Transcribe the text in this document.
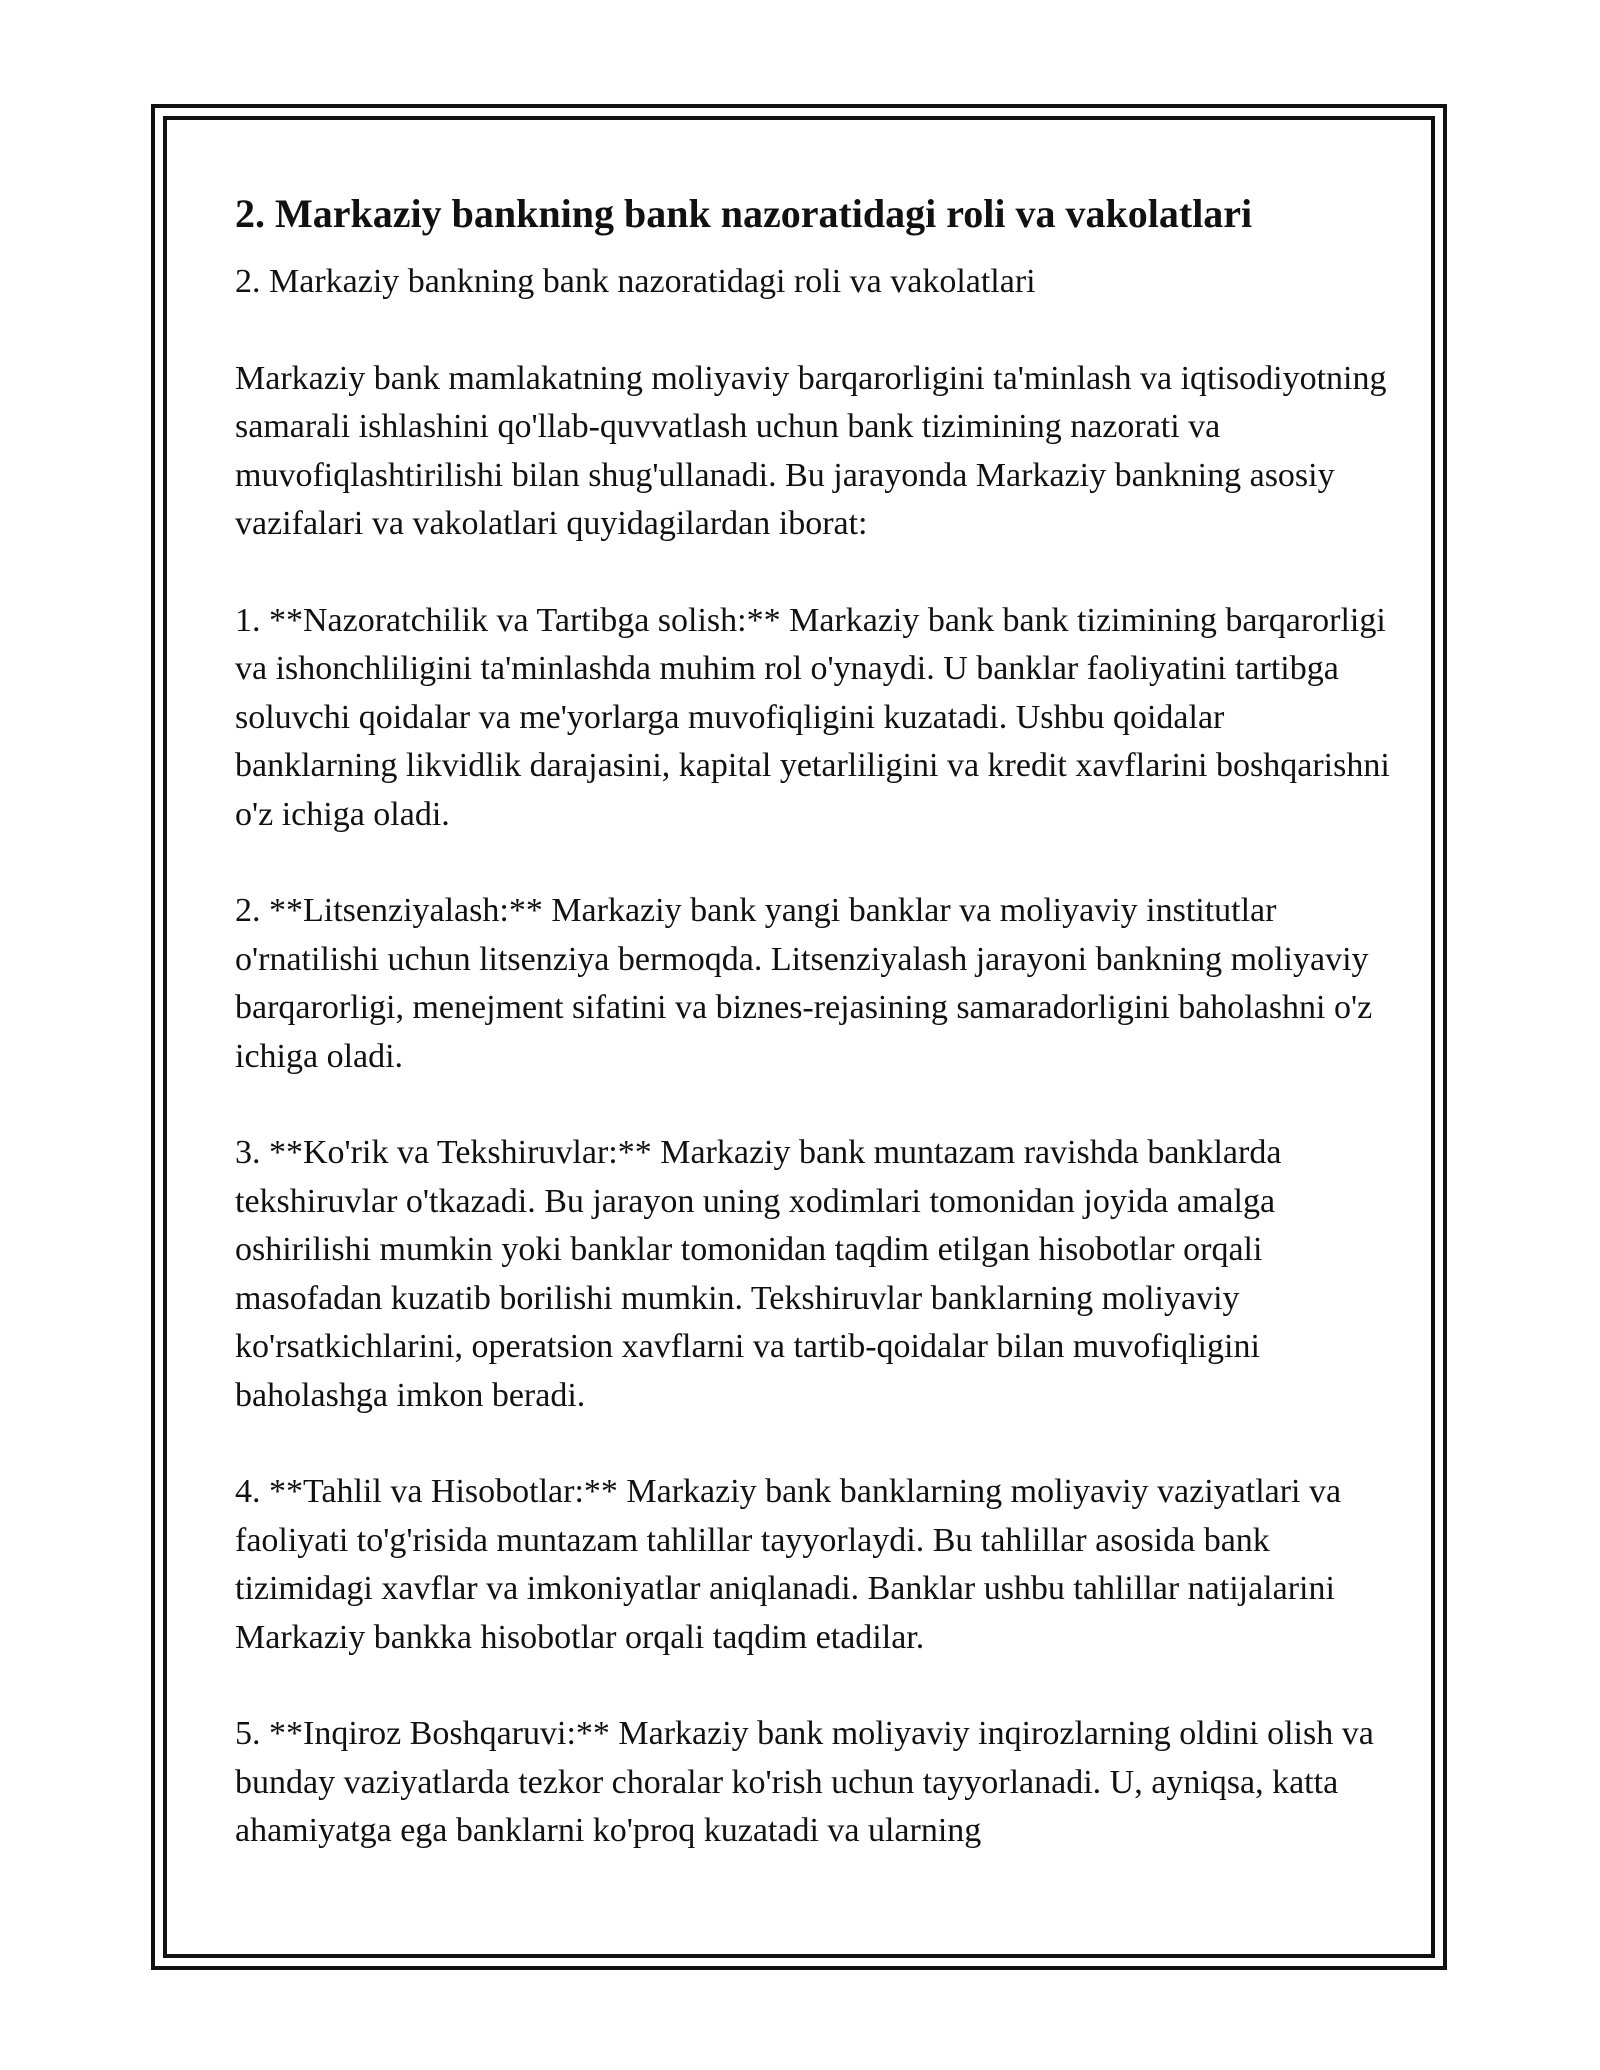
2. Markaziy bankning bank nazoratidagi roli va vakolatlari

2. Markaziy bankning bank nazoratidagi roli va vakolatlari

Markaziy bank mamlakatning moliyaviy barqarorligini ta'minlash va iqtisodiyotning samarali ishlashini qo'llab-quvvatlash uchun bank tizimining nazorati va muvofiqlashtirilishi bilan shug'ullanadi. Bu jarayonda Markaziy bankning asosiy vazifalari va vakolatlari quyidagilardan iborat:

1. **Nazoratchilik va Tartibga solish:** Markaziy bank bank tizimining barqarorligi va ishonchliligini ta'minlashda muhim rol o'ynaydi. U banklar faoliyatini tartibga soluvchi qoidalar va me'yorlarga muvofiqligini kuzatadi. Ushbu qoidalar banklarning likvidlik darajasini, kapital yetarliligini va kredit xavflarini boshqarishni o'z ichiga oladi.

2. **Litsenziyalash:** Markaziy bank yangi banklar va moliyaviy institutlar o'rnatilishi uchun litsenziya bermoqda. Litsenziyalash jarayoni bankning moliyaviy barqarorligi, menejment sifatini va biznes-rejasining samaradorligini baholashni o'z ichiga oladi.

3. **Ko'rik va Tekshiruvlar:** Markaziy bank muntazam ravishda banklarda tekshiruvlar o'tkazadi. Bu jarayon uning xodimlari tomonidan joyida amalga oshirilishi mumkin yoki banklar tomonidan taqdim etilgan hisobotlar orqali masofadan kuzatib borilishi mumkin. Tekshiruvlar banklarning moliyaviy ko'rsatkichlarini, operatsion xavflarni va tartib-qoidalar bilan muvofiqligini baholashga imkon beradi.

4. **Tahlil va Hisobotlar:** Markaziy bank banklarning moliyaviy vaziyatlari va faoliyati to'g'risida muntazam tahlillar tayyorlaydi. Bu tahlillar asosida bank tizimidagi xavflar va imkoniyatlar aniqlanadi. Banklar ushbu tahlillar natijalarini Markaziy bankka hisobotlar orqali taqdim etadilar.

5. **Inqiroz Boshqaruvi:** Markaziy bank moliyaviy inqirozlarning oldini olish va bunday vaziyatlarda tezkor choralar ko'rish uchun tayyorlanadi. U, ayniqsa, katta ahamiyatga ega banklarni ko'proq kuzatadi va ularning
